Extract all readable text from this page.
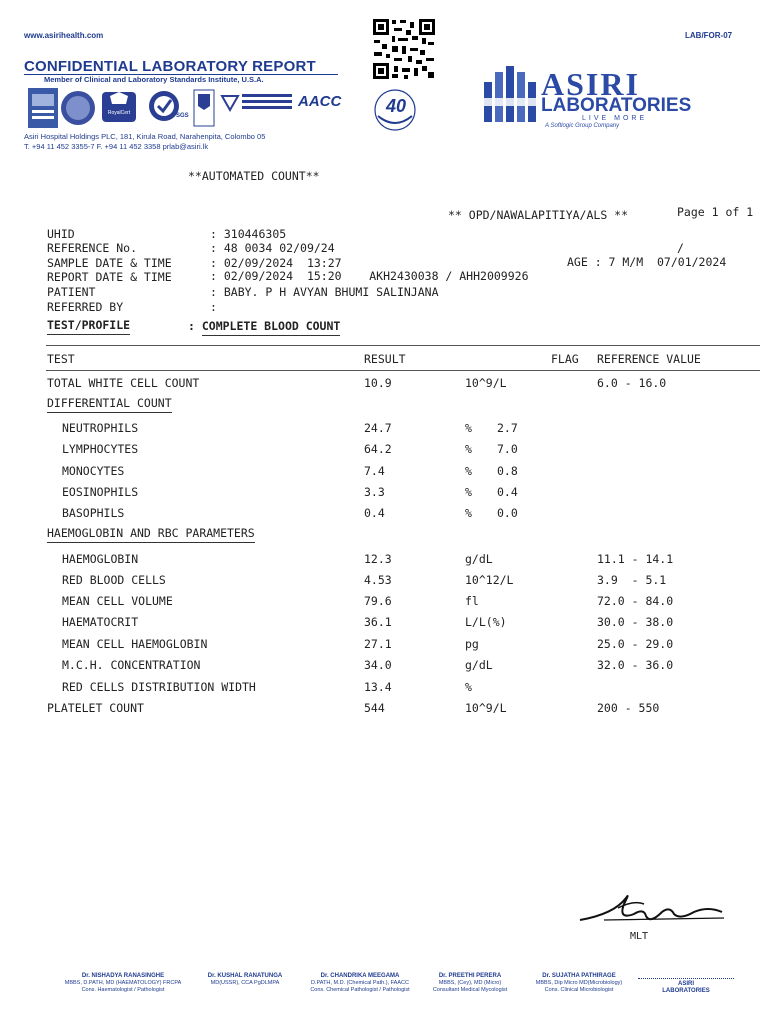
www.asirihealth.com	LAB/FOR-07
CONFIDENTIAL LABORATORY REPORT
Member of Clinical and Laboratory Standards Institute, U.S.A.
RoyalCert	SGS
AACC 40
Asiri Hospital Holdings PLC, 181, Kirula Road, Narahenpita, Colombo 05
T. +94 11 452 3355-7 F. +94 11 452 3358 prlab@asiri.lk
ASIRI
LABORATORIES
LIVE MORE
A Softlogic Group Company
**AUTOMATED COUNT**
** OPD/NAWALAPITIYA/ALS **	Page 1 of 1
UHID	: 310446305
REFERENCE No.	: 48 0034 02/09/24	/
SAMPLE DATE & TIME	: 02/09/2024  13:27	AGE : 7 M/M  07/01/2024
REPORT DATE & TIME	: 02/09/2024  15:20    AKH2430038 / AHH2009926
PATIENT	: BABY. P H AVYAN BHUMI SALINJANA
REFERRED BY	:
TEST/PROFILE	: COMPLETE BLOOD COUNT
TEST	RESULT	FLAG REFERENCE VALUE
TOTAL WHITE CELL COUNT	10.9	10^9/L	6.0 - 16.0
DIFFERENTIAL COUNT
NEUTROPHILS	24.7	% 2.7
LYMPHOCYTES	64.2	% 7.0
MONOCYTES	7.4	% 0.8
EOSINOPHILS	3.3	% 0.4
BASOPHILS	0.4	% 0.0
HAEMOGLOBIN AND RBC PARAMETERS
HAEMOGLOBIN	12.3	g/dL	11.1 - 14.1
RED BLOOD CELLS	4.53	10^12/L	3.9  - 5.1
MEAN CELL VOLUME	79.6	fl	72.0 - 84.0
HAEMATOCRIT	36.1	L/L(%)	30.0 - 38.0
MEAN CELL HAEMOGLOBIN	27.1	pg	25.0 - 29.0
M.C.H. CONCENTRATION	34.0	g/dL	32.0 - 36.0
RED CELLS DISTRIBUTION WIDTH	13.4	%
PLATELET COUNT	544	10^9/L	200 - 550
MLT
Dr. NISHADYA RANASINGHE
MBBS, D.PATH, MD (HAEMATOLOGY) FRCPA
Cons. Haematologist / Pathologist
Dr. KUSHAL RANATUNGA
MD(USSR), CCA PgDLMPA
Dr. CHANDRIKA MEEGAMA
D.PATH, M.D. (Chemical Path.), FAACC
Cons. Chemical Pathologist / Pathologist
Dr. PREETHI PERERA
MBBS, (Cey), MD (Micro)
Consultant Medical Mycologist
Dr. SUJATHA PATHIRAGE
MBBS, Dip Micro MD(Microbiology)
Cons. Clinical Microbiologist
ASIRI
LABORATORIES
